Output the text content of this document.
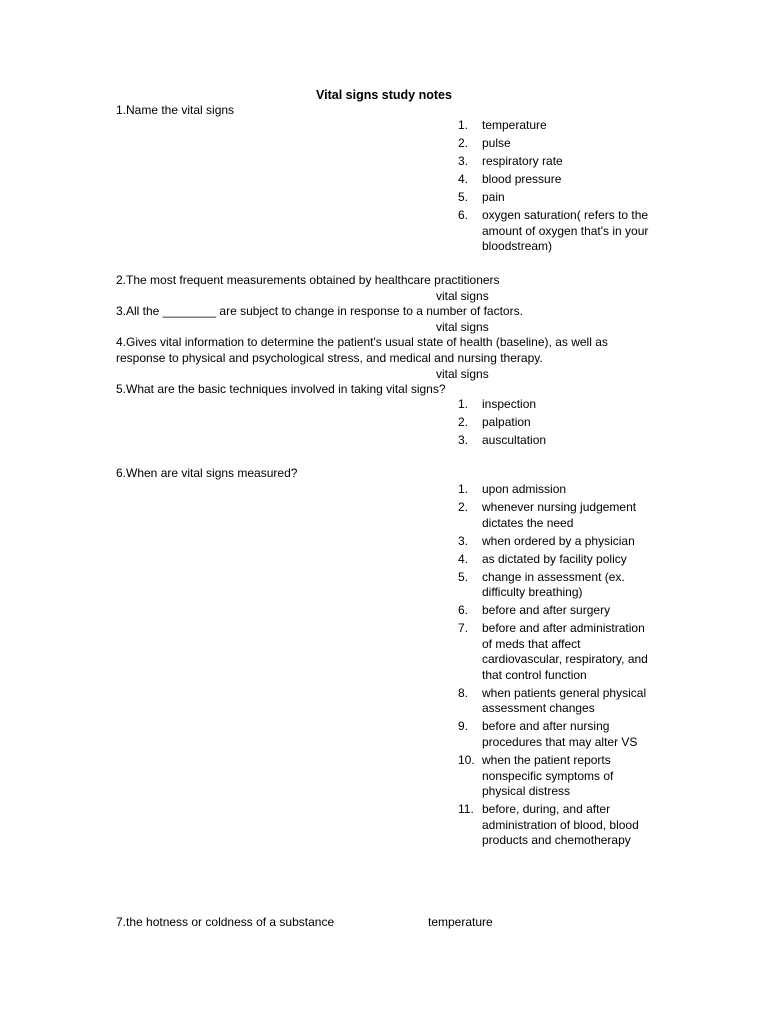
Vital signs study notes
1.Name the vital signs
1. temperature
2. pulse
3. respiratory rate
4. blood pressure
5. pain
6. oxygen saturation( refers to the amount of oxygen that's in your bloodstream)
2.The most frequent measurements obtained by healthcare practitioners
vital signs
3.All the ________ are subject to change in response to a number of factors.
vital signs
4.Gives vital information to determine the patient's usual state of health (baseline), as well as response to physical and psychological stress, and medical and nursing therapy.
vital signs
5.What are the basic techniques involved in taking vital signs?
1. inspection
2. palpation
3. auscultation
6.When are vital signs measured?
1. upon admission
2. whenever nursing judgement dictates the need
3. when ordered by a physician
4. as dictated by facility policy
5. change in assessment (ex. difficulty breathing)
6. before and after surgery
7. before and after administration of meds that affect cardiovascular, respiratory, and that control function
8. when patients general physical assessment changes
9. before and after nursing procedures that may alter VS
10. when the patient reports nonspecific symptoms of physical distress
11. before, during, and after administration of blood, blood products and chemotherapy
7.the hotness or coldness of a substance	temperature
